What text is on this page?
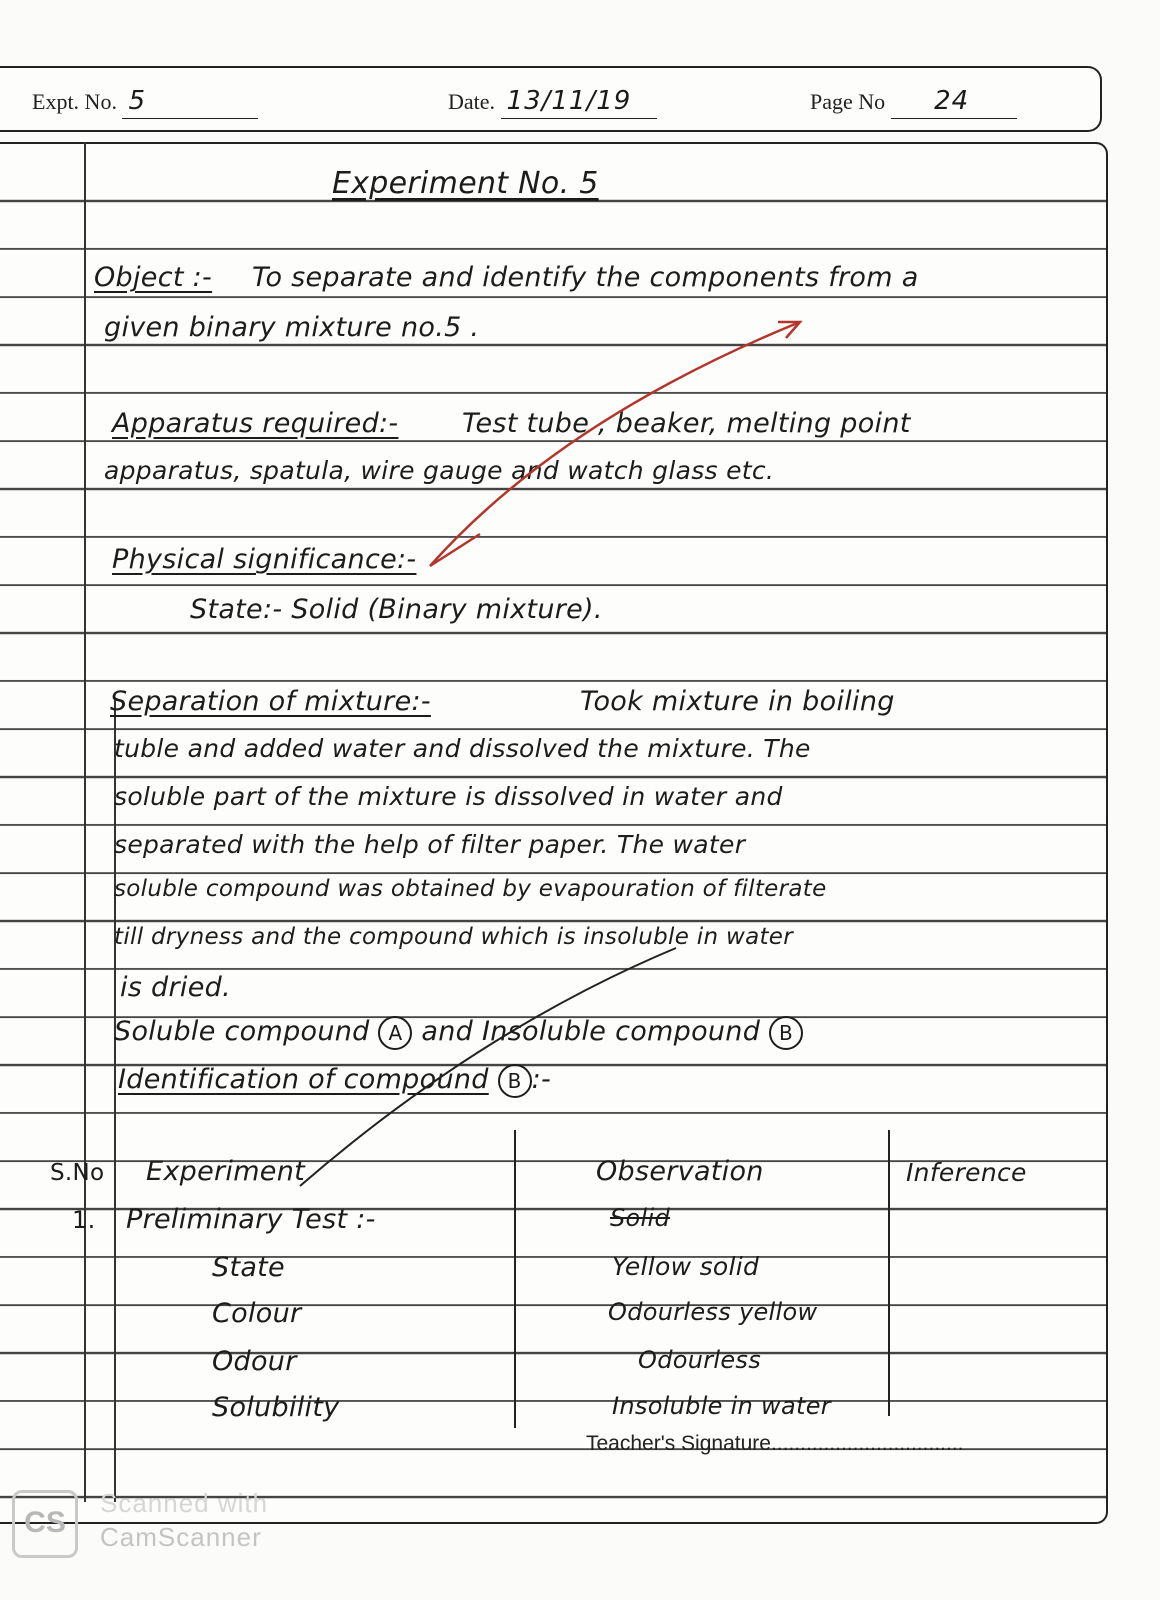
Expt. No. 5	Date. 13/11/19	Page No 24
Experiment No. 5
Object :- To separate and identify the components from a
given binary mixture no.5 .
Apparatus required:- Test tube , beaker, melting point
apparatus, spatula, wire gauge and watch glass etc.
Physical significance:-
State:- Solid (Binary mixture).
Separation of mixture:-	Took mixture in boiling
tuble and added water and dissolved the mixture. The
soluble part of the mixture is dissolved in water and
separated with the help of filter paper. The water
soluble compound was obtained by evapouration of filterate
till dryness and the compound which is insoluble in water
is dried.
Soluble compound A and Insoluble compound B
Identification of compound B :-
S.No Experiment	Observation	Inference
1. Preliminary Test :-	Solid
State	Yellow solid
Colour	Odourless yellow
Odour	Odourless
Solubility	Insoluble in water
Teacher's Signature.................................
CS
Scanned with
CamScanner
